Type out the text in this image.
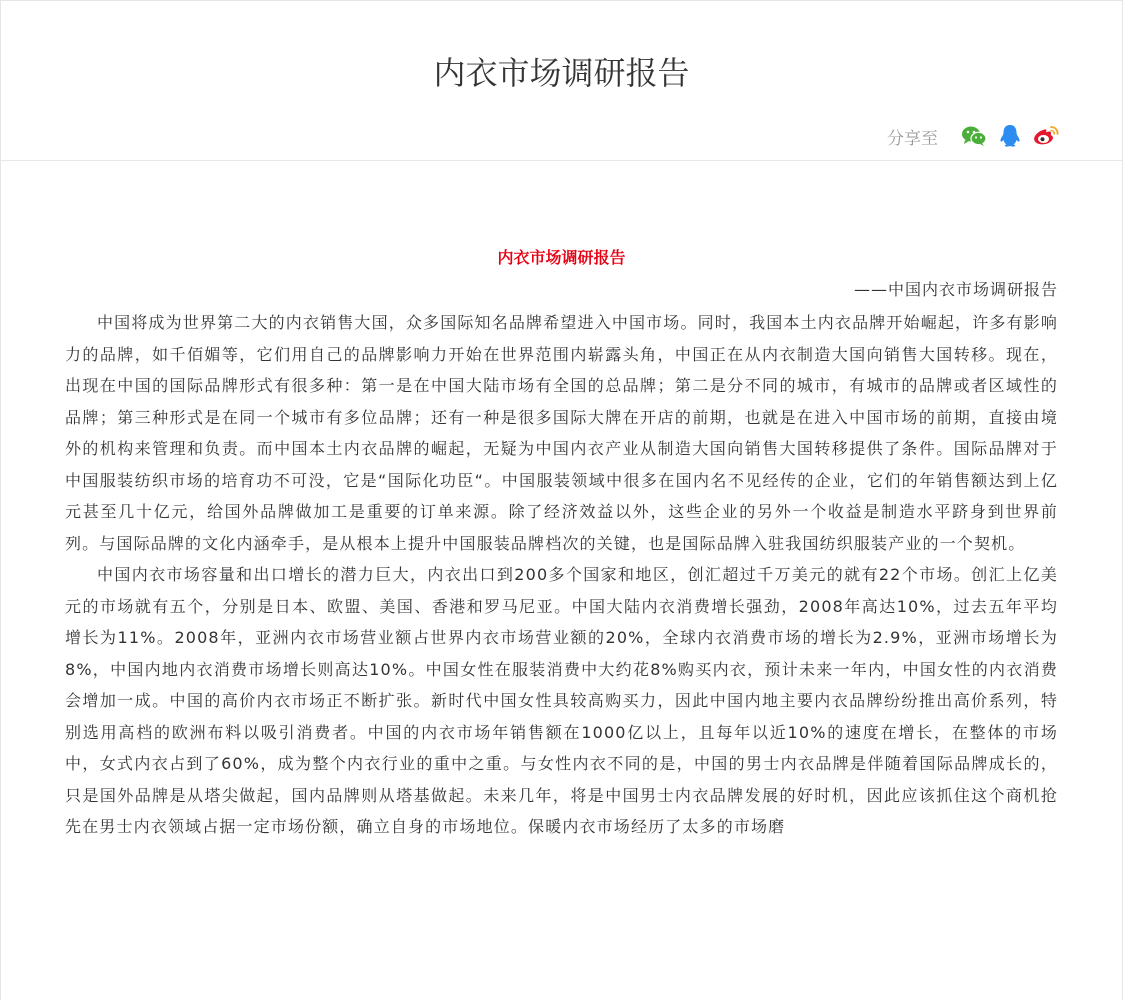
内衣市场调研报告
分享至
内衣市场调研报告

——中国内衣市场调研报告

中国将成为世界第二大的内衣销售大国，众多国际知名品牌希望进入中国市场。同时，我国本土内衣品牌开始崛起，许多有影响力的品牌，如千佰媚等，它们用自己的品牌影响力开始在世界范围内崭露头角，中国正在从内衣制造大国向销售大国转移。现在，出现在中国的国际品牌形式有很多种：第一是在中国大陆市场有全国的总品牌；第二是分不同的城市，有城市的品牌或者区域性的品牌；第三种形式是在同一个城市有多位品牌；还有一种是很多国际大牌在开店的前期，也就是在进入中国市场的前期，直接由境外的机构来管理和负责。而中国本土内衣品牌的崛起，无疑为中国内衣产业从制造大国向销售大国转移提供了条件。国际品牌对于中国服装纺织市场的培育功不可没，它是“国际化功臣“。中国服装领域中很多在国内名不见经传的企业，它们的年销售额达到上亿元甚至几十亿元，给国外品牌做加工是重要的订单来源。除了经济效益以外，这些企业的另外一个收益是制造水平跻身到世界前列。与国际品牌的文化内涵牵手，是从根本上提升中国服装品牌档次的关键，也是国际品牌入驻我国纺织服装产业的一个契机。

中国内衣市场容量和出口增长的潜力巨大，内衣出口到200多个国家和地区，创汇超过千万美元的就有22个市场。创汇上亿美元的市场就有五个，分别是日本、欧盟、美国、香港和罗马尼亚。中国大陆内衣消费增长强劲，2008年高达10%，过去五年平均增长为11%。2008年，亚洲内衣市场营业额占世界内衣市场营业额的20%，全球内衣消费市场的增长为2.9%，亚洲市场增长为8%，中国内地内衣消费市场增长则高达10%。中国女性在服装消费中大约花8%购买内衣，预计未来一年内，中国女性的内衣消费会增加一成。中国的高价内衣市场正不断扩张。新时代中国女性具较高购买力，因此中国内地主要内衣品牌纷纷推出高价系列，特别选用高档的欧洲布料以吸引消费者。中国的内衣市场年销售额在1000亿以上，且每年以近10%的速度在增长，在整体的市场中，女式内衣占到了60%，成为整个内衣行业的重中之重。与女性内衣不同的是，中国的男士内衣品牌是伴随着国际品牌成长的，只是国外品牌是从塔尖做起，国内品牌则从塔基做起。未来几年，将是中国男士内衣品牌发展的好时机，因此应该抓住这个商机抢先在男士内衣领域占据一定市场份额，确立自身的市场地位。保暖内衣市场经历了太多的市场磨
